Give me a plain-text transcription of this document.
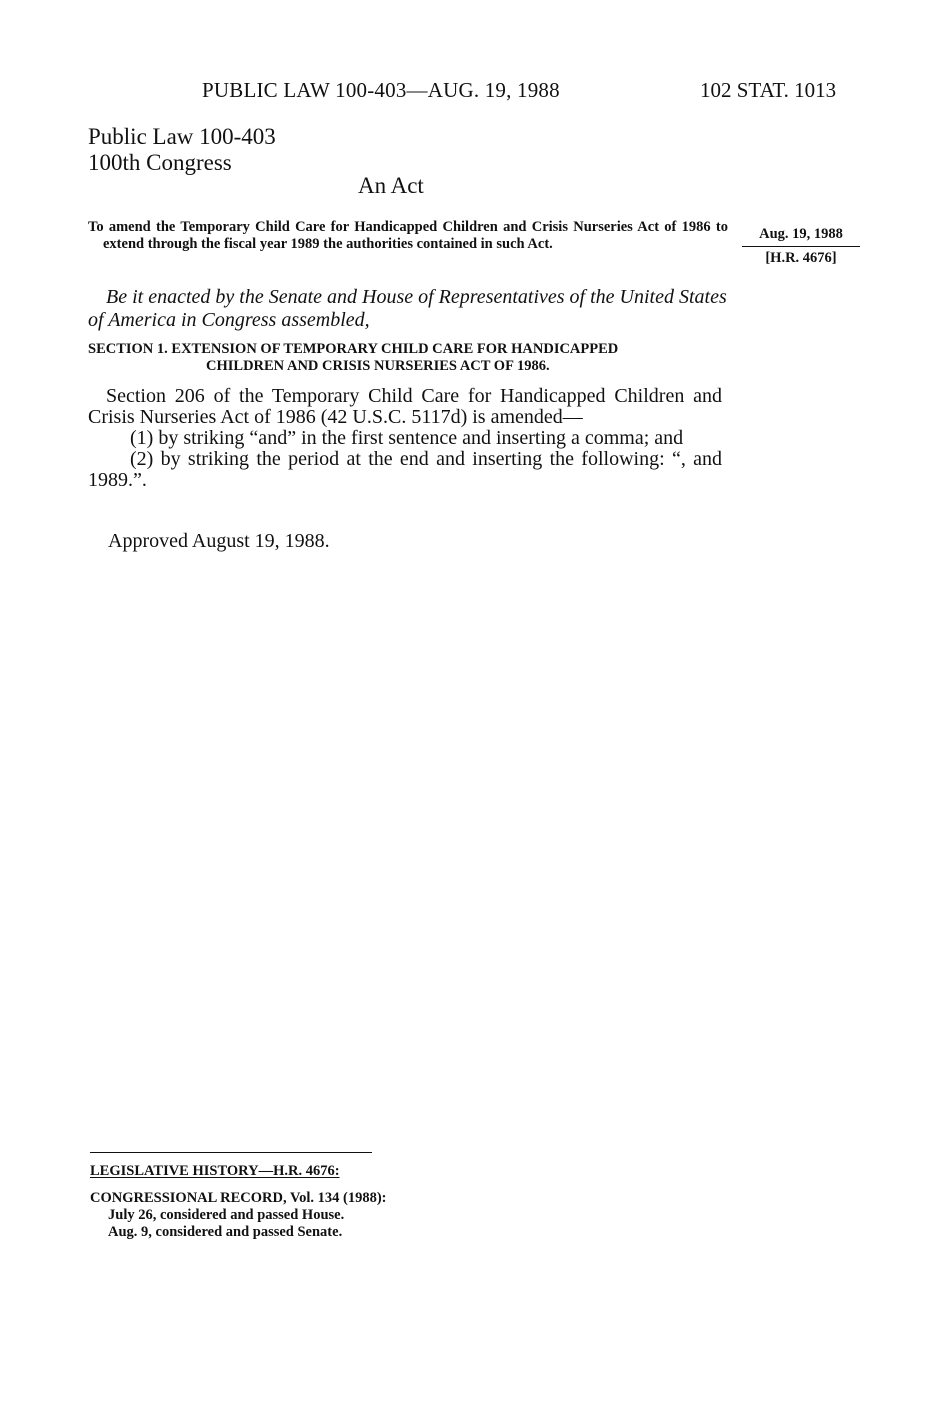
PUBLIC LAW 100-403—AUG. 19, 1988	102 STAT. 1013
Public Law 100-403
100th Congress
An Act

To amend the Temporary Child Care for Handicapped Children and Crisis Nurseries Act of 1986 to extend through the fiscal year 1989 the authorities contained in such Act.

Aug. 19, 1988
[H.R. 4676]

Be it enacted by the Senate and House of Representatives of the United States of America in Congress assembled,

SECTION 1. EXTENSION OF TEMPORARY CHILD CARE FOR HANDICAPPED
CHILDREN AND CRISIS NURSERIES ACT OF 1986.

Section 206 of the Temporary Child Care for Handicapped Children and Crisis Nurseries Act of 1986 (42 U.S.C. 5117d) is amended—

(1) by striking “and” in the first sentence and inserting a comma; and

(2) by striking the period at the end and inserting the following: “, and 1989.”.

Approved August 19, 1988.
LEGISLATIVE HISTORY—H.R. 4676:
CONGRESSIONAL RECORD, Vol. 134 (1988):
July 26, considered and passed House.
Aug. 9, considered and passed Senate.
